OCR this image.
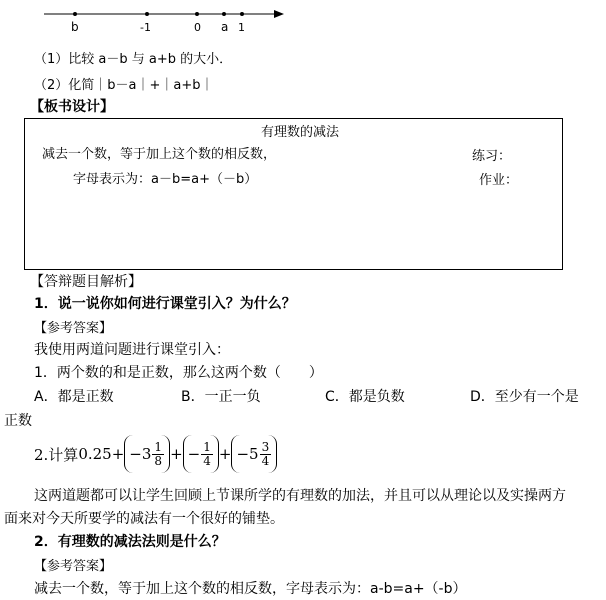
b	-1	0 a 1
（1）比较 a－b 与 a+b 的大小．
（2）化简｜b－a｜+｜a+b｜
【板书设计】
有理数的减法
减去一个数，等于加上这个数的相反数，	练习：
字母表示为：a－b=a+（－b）	作业：
【答辩题目解析】
1．说一说你如何进行课堂引入？为什么？
【参考答案】
我使用两道问题进行课堂引入：
1．两个数的和是正数，那么这两个数（　　）
A．都是正数	B．一正一负	C．都是负数	D．至少有一个是
正数
2.计算 $0.25 + -3 \frac{1}{8}$ + − $\frac{1}{4} + -5 \frac{3}{4}$
这两道题都可以让学生回顾上节课所学的有理数的加法，并且可以从理论以及实操两方
面来对今天所要学的减法有一个很好的铺垫。
2．有理数的减法法则是什么？
【参考答案】
减去一个数，等于加上这个数的相反数，字母表示为：a-b=a+（-b）
